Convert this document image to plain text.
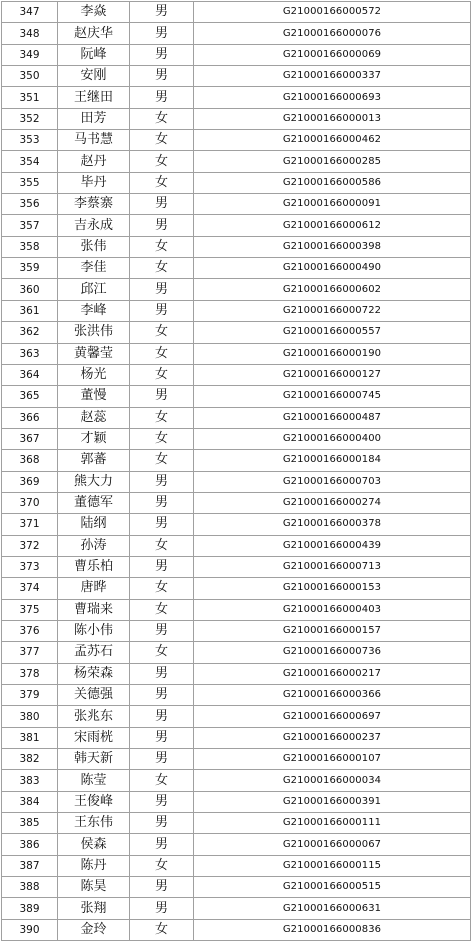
347	李焱	男	G21000166000572
348	赵庆华	男	G21000166000076
349	阮峰	男	G21000166000069
350	安刚	男	G21000166000337
351	王继田	男	G21000166000693
352	田芳	女	G21000166000013
353	马书慧	女	G21000166000462
354	赵丹	女	G21000166000285
355	毕丹	女	G21000166000586
356	李蔡寨	男	G21000166000091
357	吉永成	男	G21000166000612
358	张伟	女	G21000166000398
359	李佳	女	G21000166000490
360	邱江	男	G21000166000602
361	李峰	男	G21000166000722
362	张洪伟	女	G21000166000557
363	黄馨莹	女	G21000166000190
364	杨光	女	G21000166000127
365	董慢	男	G21000166000745
366	赵蕊	女	G21000166000487
367	才颖	女	G21000166000400
368	郭蕃	女	G21000166000184
369	熊大力	男	G21000166000703
370	董德军	男	G21000166000274
371	陆纲	男	G21000166000378
372	孙涛	女	G21000166000439
373	曹乐柏	男	G21000166000713
374	唐晔	女	G21000166000153
375	曹瑞来	女	G21000166000403
376	陈小伟	男	G21000166000157
377	孟苏石	女	G21000166000736
378	杨荣森	男	G21000166000217
379	关德强	男	G21000166000366
380	张兆东	男	G21000166000697
381	宋雨桄	男	G21000166000237
382	韩天新	男	G21000166000107
383	陈莹	女	G21000166000034
384	王俊峰	男	G21000166000391
385	王东伟	男	G21000166000111
386	侯森	男	G21000166000067
387	陈丹	女	G21000166000115
388	陈昊	男	G21000166000515
389	张翔	男	G21000166000631
390	金玲	女	G21000166000836
